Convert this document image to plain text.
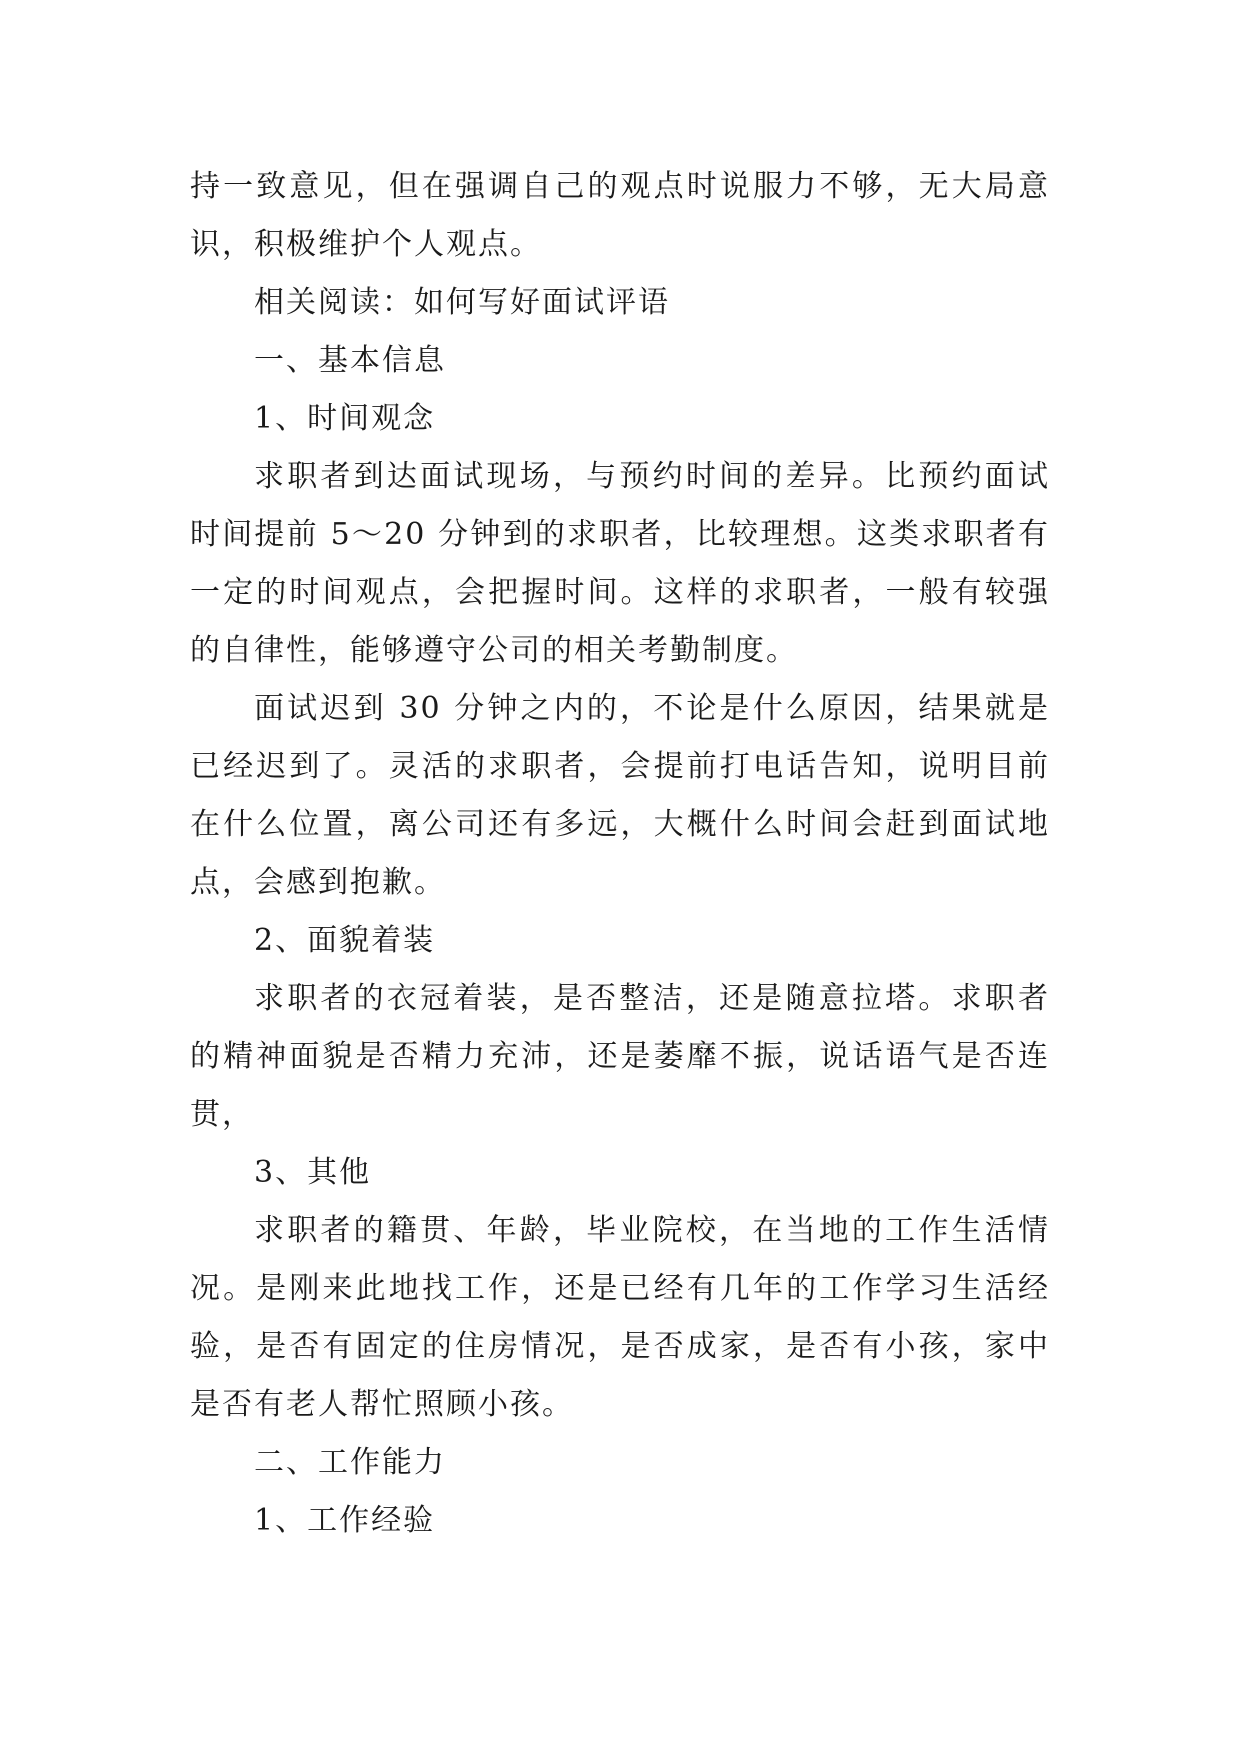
持一致意见，但在强调自己的观点时说服力不够，无大局意识，积极维护个人观点。

相关阅读：如何写好面试评语

一、基本信息

1、时间观念

求职者到达面试现场，与预约时间的差异。比预约面试时间提前 5～20 分钟到的求职者，比较理想。这类求职者有一定的时间观点，会把握时间。这样的求职者，一般有较强的自律性，能够遵守公司的相关考勤制度。

面试迟到 30 分钟之内的，不论是什么原因，结果就是已经迟到了。灵活的求职者，会提前打电话告知，说明目前在什么位置，离公司还有多远，大概什么时间会赶到面试地点，会感到抱歉。

2、面貌着装

求职者的衣冠着装，是否整洁，还是随意拉塔。求职者的精神面貌是否精力充沛，还是萎靡不振，说话语气是否连贯，

3、其他

求职者的籍贯、年龄，毕业院校，在当地的工作生活情况。是刚来此地找工作，还是已经有几年的工作学习生活经验，是否有固定的住房情况，是否成家，是否有小孩，家中是否有老人帮忙照顾小孩。

二、工作能力

1、工作经验
